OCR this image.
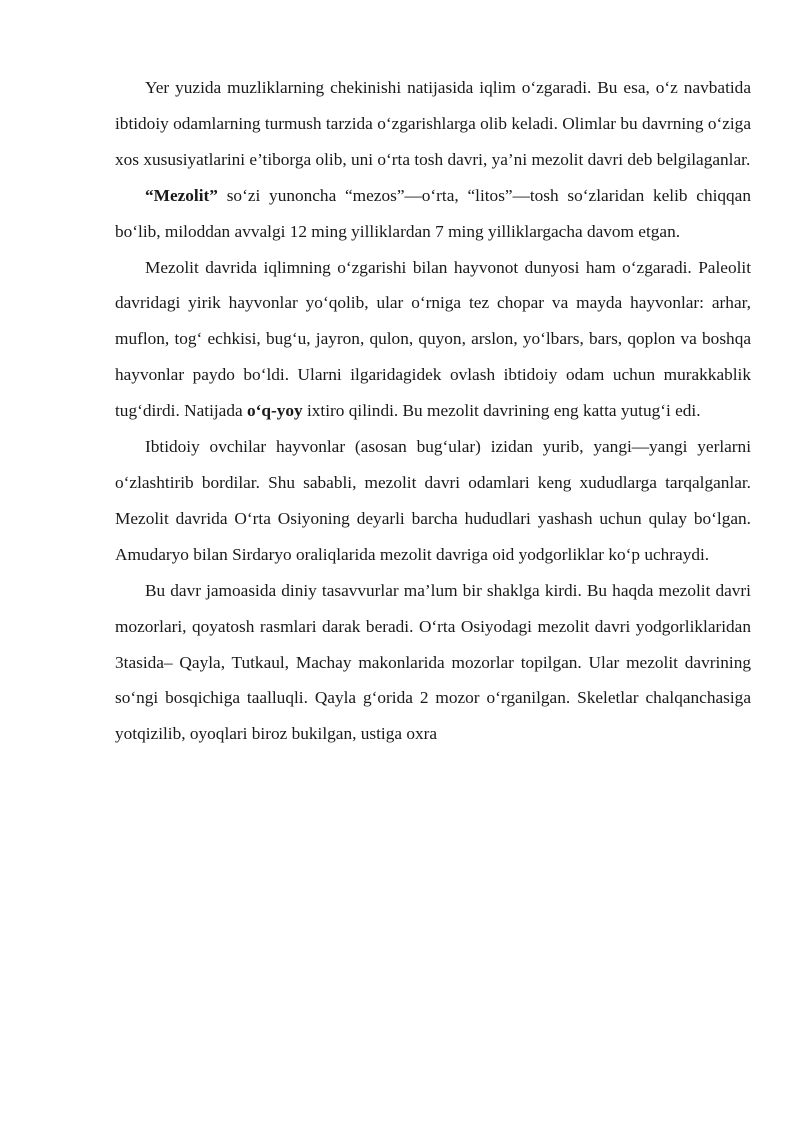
Yer yuzida muzliklarning chekinishi natijasida iqlim o‘zgaradi. Bu esa, o‘z navbatida ibtidoiy odamlarning turmush tarzida o‘zgarishlarga olib keladi. Olimlar bu davrning o‘ziga xos xususiyatlarini e’tiborga olib, uni o‘rta tosh davri, ya’ni mezolit davri deb belgilaganlar.

“Mezolit” so‘zi yunoncha “mezos”—o‘rta, “litos”—tosh so‘zlaridan kelib chiqqan bo‘lib, miloddan avvalgi 12 ming yilliklardan 7 ming yilliklargacha davom etgan.

Mezolit davrida iqlimning o‘zgarishi bilan hayvonot dunyosi ham o‘zgaradi. Paleolit davridagi yirik hayvonlar yo‘qolib, ular o‘rniga tez chopar va mayda hayvonlar: arhar, muflon, tog‘ echkisi, bug‘u, jayron, qulon, quyon, arslon, yo‘lbars, bars, qoplon va boshqa hayvonlar paydo bo‘ldi. Ularni ilgaridagidek ovlash ibtidoiy odam uchun murakkablik tug‘dirdi. Natijada o‘q-yoy ixtiro qilindi. Bu mezolit davrining eng katta yutug‘i edi.

Ibtidoiy ovchilar hayvonlar (asosan bug‘ular) izidan yurib, yangi—yangi yerlarni o‘zlashtirib bordilar. Shu sababli, mezolit davri odamlari keng xududlarga tarqalganlar. Mezolit davrida O‘rta Osiyoning deyarli barcha hududlari yashash uchun qulay bo‘lgan. Amudaryo bilan Sirdaryo oraliqlarida mezolit davriga oid yodgorliklar ko‘p uchraydi.

Bu davr jamoasida diniy tasavvurlar ma’lum bir shaklga kirdi. Bu haqda mezolit davri mozorlari, qoyatosh rasmlari darak beradi. O‘rta Osiyodagi mezolit davri yodgorliklaridan 3tasida– Qayla, Tutkaul, Machay makonlarida mozorlar topilgan. Ular mezolit davrining so‘ngi bosqichiga taalluqli. Qayla g‘orida 2 mozor o‘rganilgan. Skeletlar chalqanchasiga yotqizilib, oyoqlari biroz bukilgan, ustiga oxra
